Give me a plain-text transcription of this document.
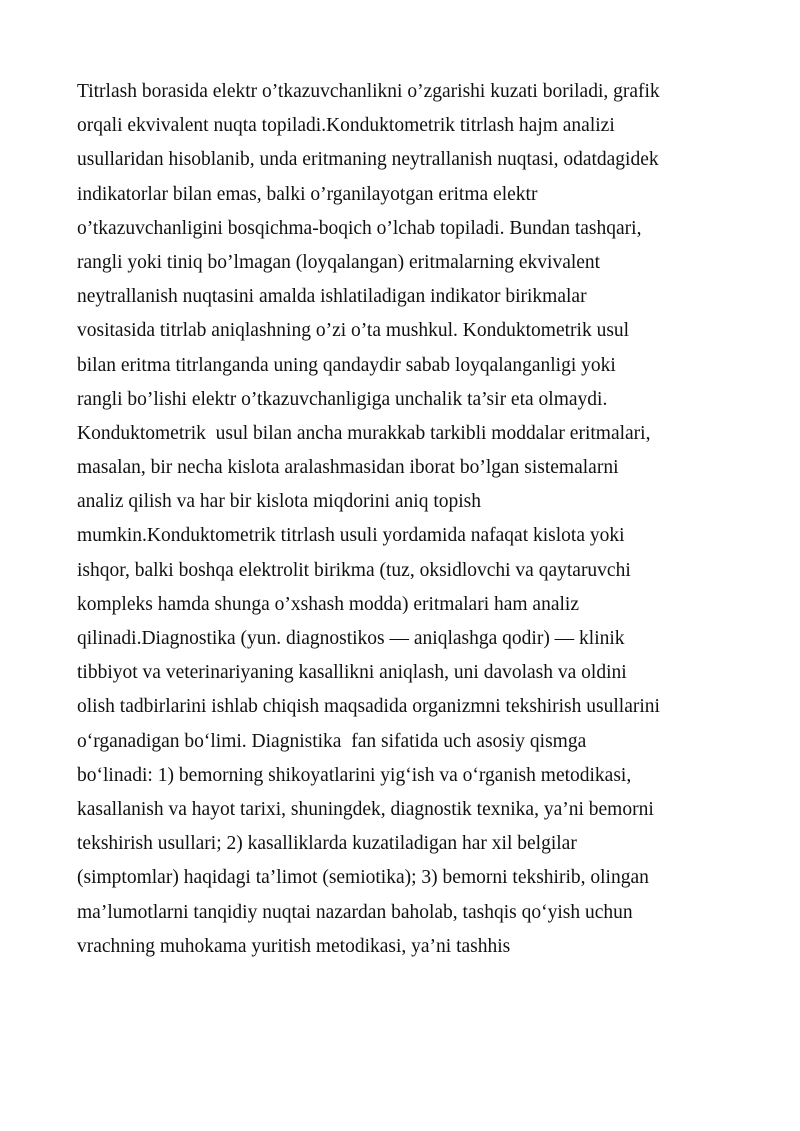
Titrlash borasida elektr o’tkazuvchanlikni o’zgarishi kuzati boriladi, grafik
orqali ekvivalent nuqta topiladi.Konduktometrik titrlash hajm analizi
usullaridan hisoblanib, unda eritmaning neytrallanish nuqtasi, odatdagidek
indikatorlar bilan emas, balki o’rganilayotgan eritma elektr
o’tkazuvchanligini bosqichma-boqich o’lchab topiladi. Bundan tashqari,
rangli yoki tiniq bo’lmagan (loyqalangan) eritmalarning ekvivalent
neytrallanish nuqtasini amalda ishlatiladigan indikator birikmalar
vositasida titrlab aniqlashning o’zi o’ta mushkul. Konduktometrik usul
bilan eritma titrlanganda uning qandaydir sabab loyqalanganligi yoki
rangli bo’lishi elektr o’tkazuvchanligiga unchalik ta’sir eta olmaydi.
Konduktometrik  usul bilan ancha murakkab tarkibli moddalar eritmalari,
masalan, bir necha kislota aralashmasidan iborat bo’lgan sistemalarni
analiz qilish va har bir kislota miqdorini aniq topish
mumkin.Konduktometrik titrlash usuli yordamida nafaqat kislota yoki
ishqor, balki boshqa elektrolit birikma (tuz, oksidlovchi va qaytaruvchi
kompleks hamda shunga o’xshash modda) eritmalari ham analiz
qilinadi.Diagnostika (yun. diagnostikos — aniqlashga qodir) — klinik
tibbiyot va veterinariyaning kasallikni aniqlash, uni davolash va oldini
olish tadbirlarini ishlab chiqish maqsadida organizmni tekshirish usullarini
oʻrganadigan boʻlimi. Diagnistika  fan sifatida uch asosiy qismga
boʻlinadi: 1) bemorning shikoyatlarini yigʻish va oʻrganish metodikasi,
kasallanish va hayot tarixi, shuningdek, diagnostik texnika, ya’ni bemorni
tekshirish usullari; 2) kasalliklarda kuzatiladigan har xil belgilar
(simptomlar) haqidagi ta’limot (semiotika); 3) bemorni tekshirib, olingan
ma’lumotlarni tanqidiy nuqtai nazardan baholab, tashqis qoʻyish uchun
vrachning muhokama yuritish metodikasi, ya’ni tashhis
